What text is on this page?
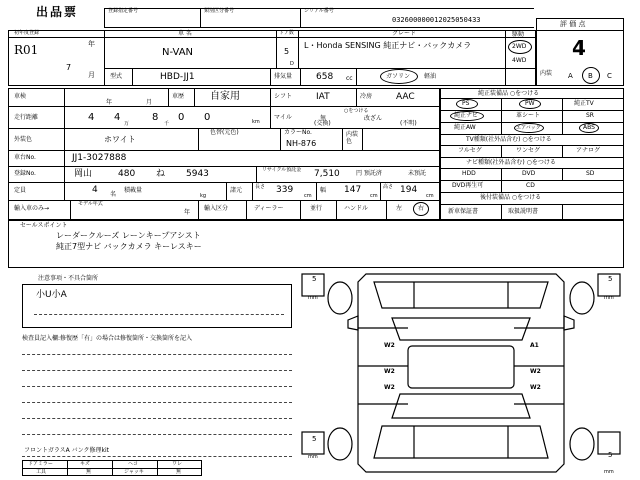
出品票	登録指定番号	類別区分番号	シリアル番号
032600000012025050433	評 価 点
4
初年度登録
R01	年
7
月
車 名
N-VAN
ドア数
5
D
グレード
L・Honda SENSING 純正ナビ・バックカメラ
駆動
2WD
4WD
型式	HBD-JJ1	排気量	658 cc	ガソリン 軽油	内装 A B C
車検
年	月
車歴	自家用	シフト	IAT	冷房	AAC
走行距離	4 4	8 0 0
万	千	km
マイル
○をつける
無
(交換)
改ざん
(不明)
外装色	ホワイト
色替(元色)	カラーNo.
NH-876
内装色
車台No.	JJ1-3027888
登録No.	岡山	480 ね 5943	リサイクル預託金 7,510	円 預託済	未預託
定員	4 名
積載量
kg
諸元	長さ 339
cm
幅 147
cm
高さ 194
cm
輸入車のみ→
モデル年式
年
輸入区分	ディーラー	並行	ハンドル	左	右
純正装備品 ○をつける
PS	PW	純正TV
純正ナビ	革シート	SR
純正AW	エアバッグ	ABS
TV種類(社外品含む) ○をつける
フルセグ	ワンセグ	アナログ
ナビ種類(社外品含む) ○をつける
HDD	DVD	SD
DVD再生可	CD
後付装備品 ○をつける
新車保証書	取扱説明書
セールスポイント
レーダークルーズ レーンキープアシスト
純正7型ナビ バックカメラ キーレスキー
注意事項・不具合箇所
小U小A
検査員記入欄:修復歴「有」の場合は修復箇所・交換箇所を記入
フロントガラスA バンク修理kit
ドアミラー	キズ	ヘコ	ワレ
工具	無	ジャッキ	無
5
mm
5
mm
5
mm	5
mm
W2
W2
W2
A1
W2
W2
